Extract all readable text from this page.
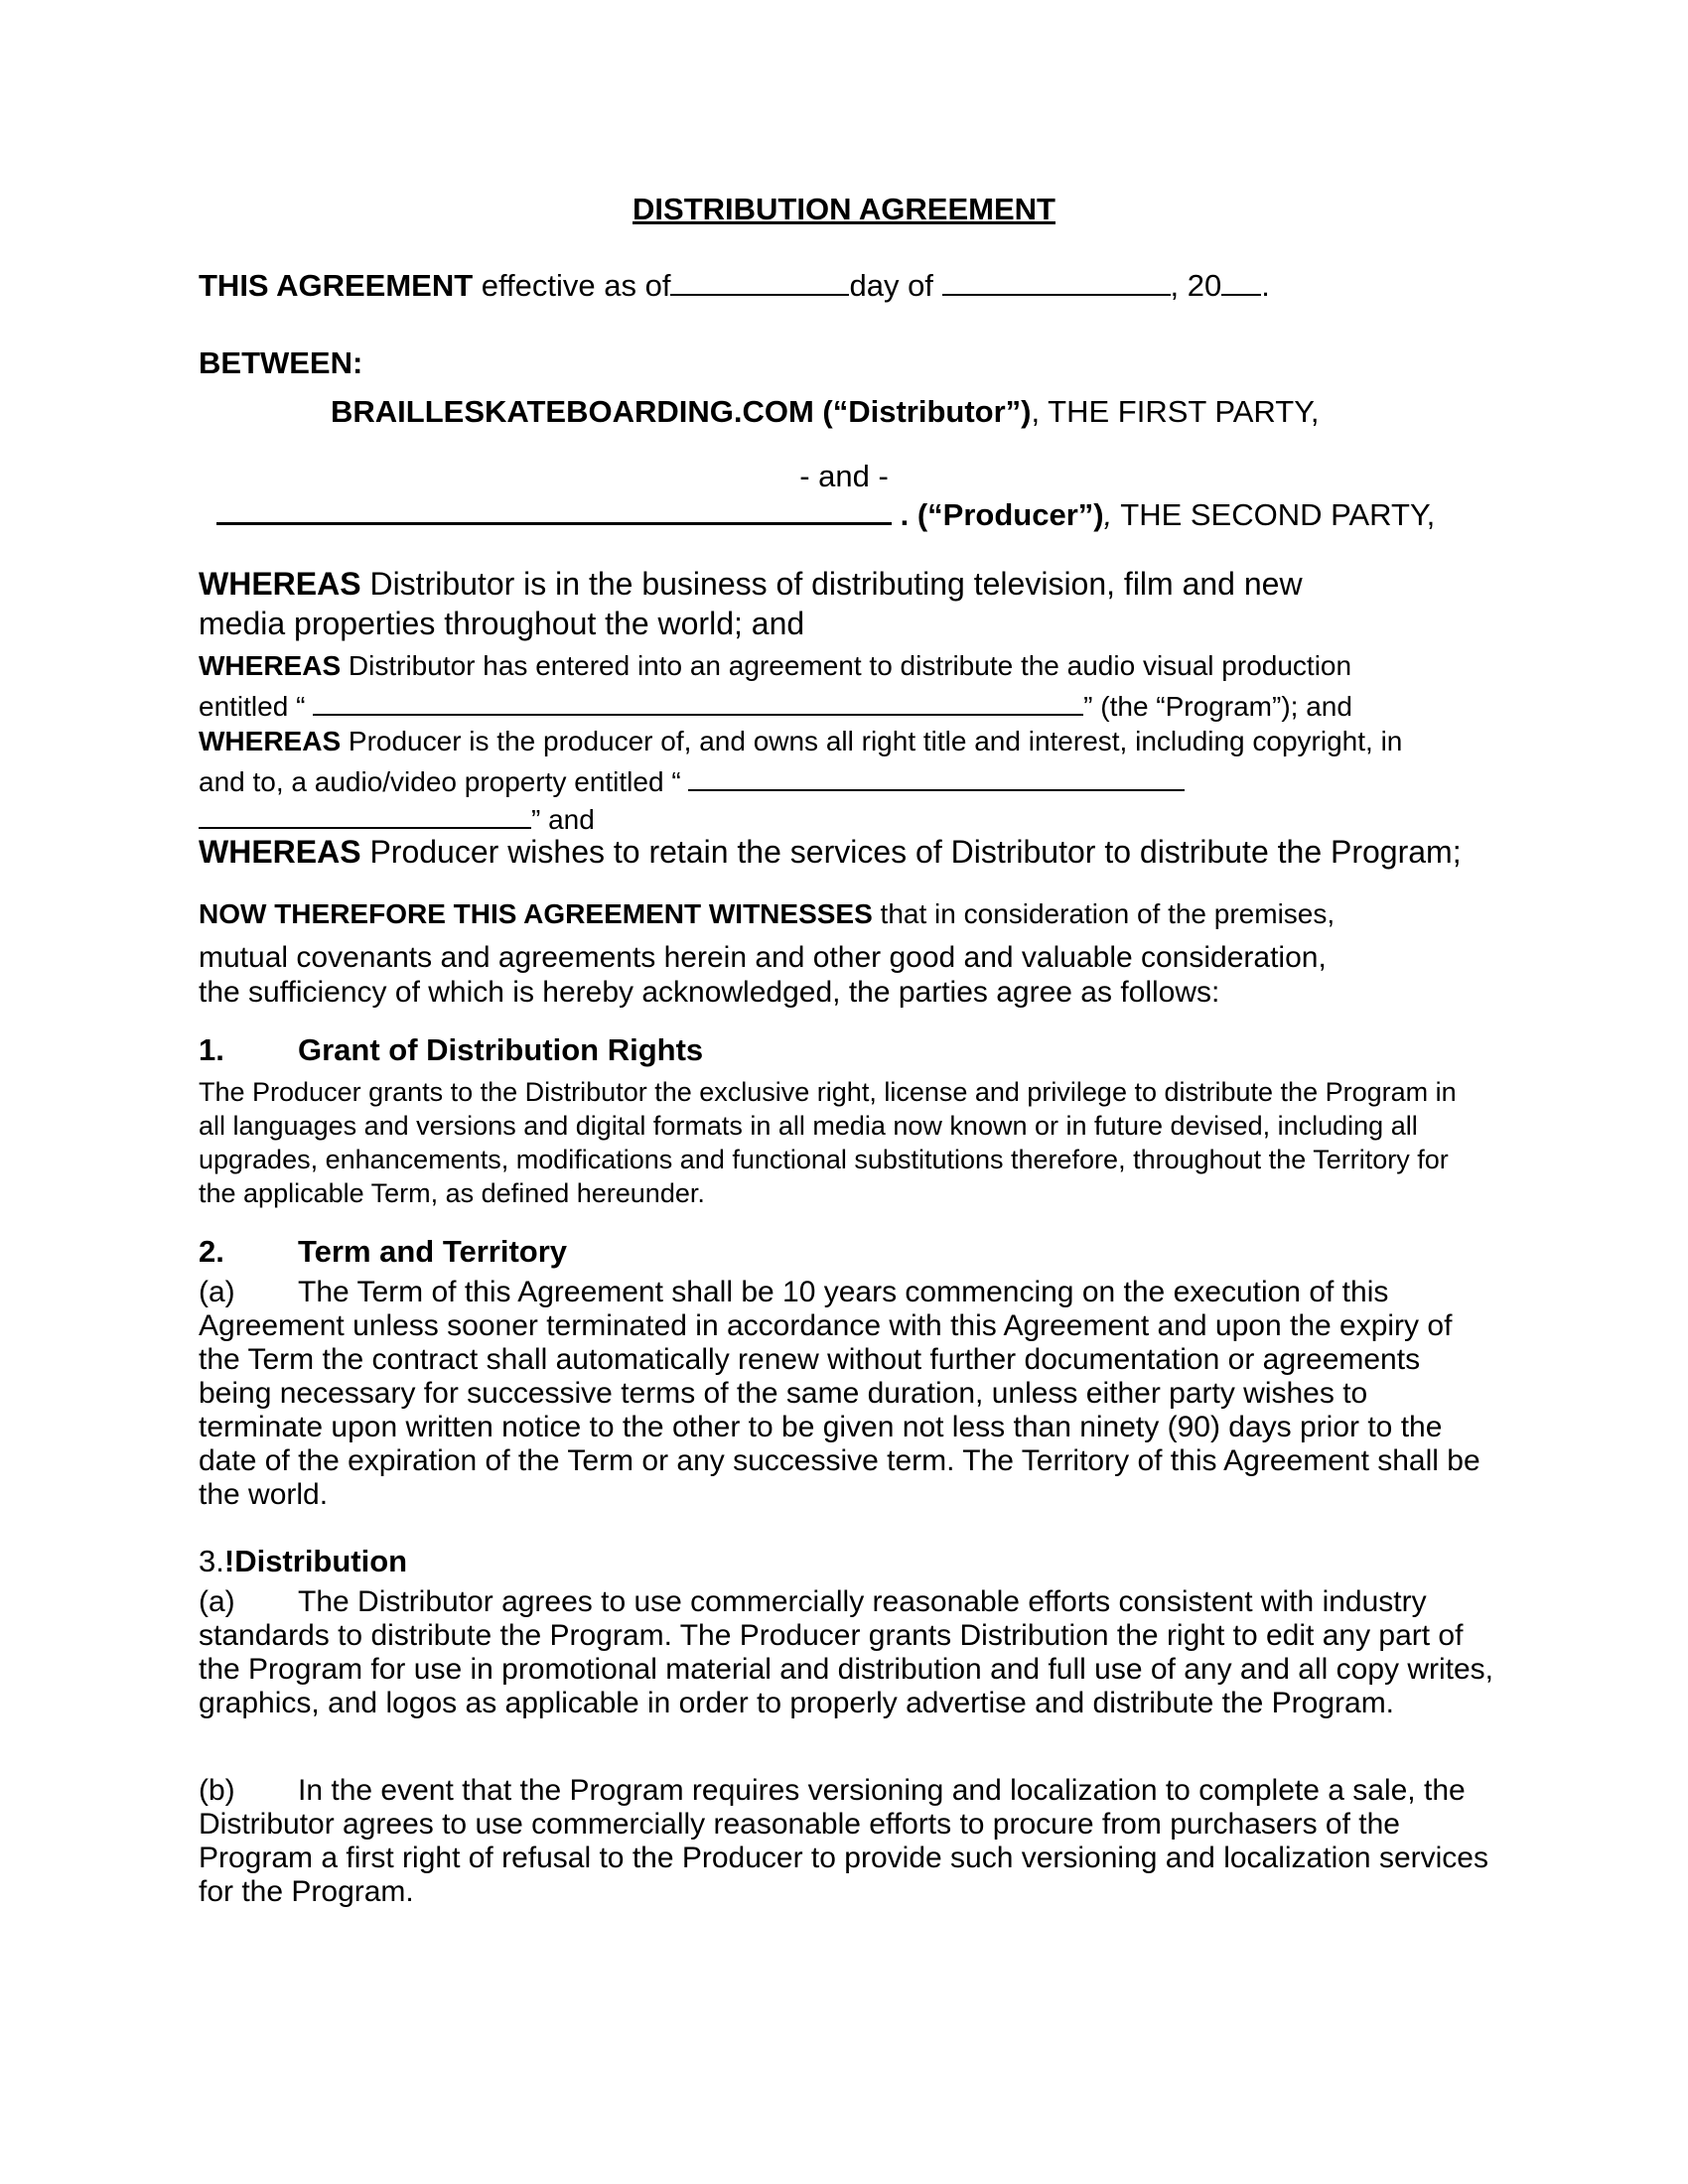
DISTRIBUTION AGREEMENT
THIS AGREEMENT effective as of	day of	, 20 .
BETWEEN:
BRAILLESKATEBOARDING.COM (“Distributor”), THE FIRST PARTY,
- and -
. (“Producer”), THE SECOND PARTY,
WHEREAS Distributor is in the business of distributing television, film and new
media properties throughout the world; and
WHEREAS Distributor has entered into an agreement to distribute the audio visual production
entitled “	” (the “Program”); and
WHEREAS Producer is the producer of, and owns all right title and interest, including copyright, in
and to, a audio/video property entitled “
” and
WHEREAS Producer wishes to retain the services of Distributor to distribute the Program;
NOW THEREFORE THIS AGREEMENT WITNESSES that in consideration of the premises,
mutual covenants and agreements herein and other good and valuable consideration,
the sufficiency of which is hereby acknowledged, the parties agree as follows:
1. Grant of Distribution Rights
The Producer grants to the Distributor the exclusive right, license and privilege to distribute the Program in all languages and versions and digital formats in all media now known or in future devised, including all upgrades, enhancements, modifications and functional substitutions therefore, throughout the Territory for the applicable Term, as defined hereunder.
2. Term and Territory
(a) The Term of this Agreement shall be 10 years commencing on the execution of this Agreement unless sooner terminated in accordance with this Agreement and upon the expiry of the Term the contract shall automatically renew without further documentation or agreements being necessary for successive terms of the same duration, unless either party wishes to terminate upon written notice to the other to be given not less than ninety (90) days prior to the date of the expiration of the Term or any successive term. The Territory of this Agreement shall be the world.
3.!Distribution
(a) The Distributor agrees to use commercially reasonable efforts consistent with industry standards to distribute the Program. The Producer grants Distribution the right to edit any part of the Program for use in promotional material and distribution and full use of any and all copy writes, graphics, and logos as applicable in order to properly advertise and distribute the Program.
(b) In the event that the Program requires versioning and localization to complete a sale, the Distributor agrees to use commercially reasonable efforts to procure from purchasers of the Program a first right of refusal to the Producer to provide such versioning and localization services for the Program.
